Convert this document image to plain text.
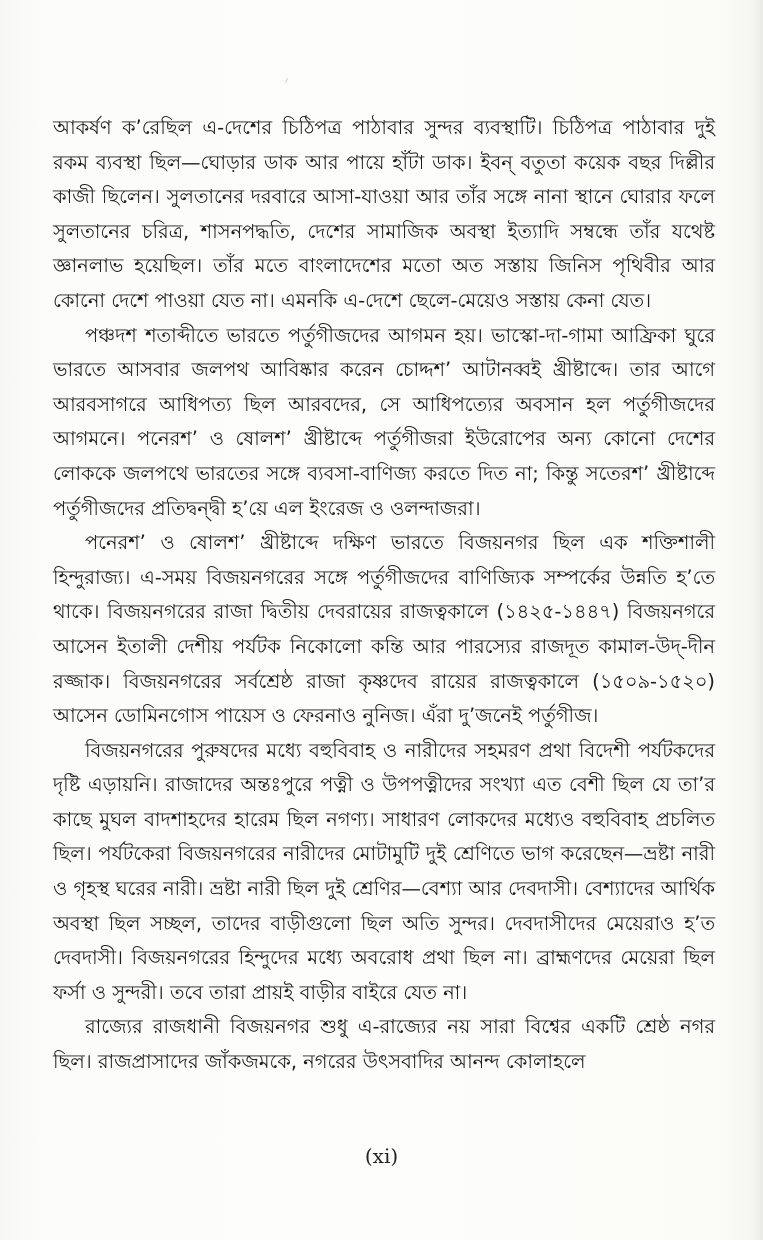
আকর্ষণ ক’রেছিল এ-দেশের চিঠিপত্র পাঠাবার সুন্দর ব্যবস্থাটি। চিঠিপত্র পাঠাবার দুই রকম ব্যবস্থা ছিল—ঘোড়ার ডাক আর পায়ে হাঁটা ডাক। ইবন্ বতুতা কয়েক বছর দিল্লীর কাজী ছিলেন। সুলতানের দরবারে আসা-যাওয়া আর তাঁর সঙ্গে নানা স্থানে ঘোরার ফলে সুলতানের চরিত্র, শাসনপদ্ধতি, দেশের সামাজিক অবস্থা ইত্যাদি সম্বন্ধে তাঁর যথেষ্ট জ্ঞানলাভ হয়েছিল। তাঁর মতে বাংলাদেশের মতো অত সস্তায় জিনিস পৃথিবীর আর কোনো দেশে পাওয়া যেত না। এমনকি এ-দেশে ছেলে-মেয়েও সস্তায় কেনা যেত।

পঞ্চদশ শতাব্দীতে ভারতে পর্তুগীজদের আগমন হয়। ভাস্কো-দা-গামা আফ্রিকা ঘুরে ভারতে আসবার জলপথ আবিষ্কার করেন চোদ্দশ’ আটানব্বই খ্রীষ্টাব্দে। তার আগে আরবসাগরে আধিপত্য ছিল আরবদের, সে আধিপত্যের অবসান হল পর্তুগীজদের আগমনে। পনেরশ’ ও ষোলশ’ খ্রীষ্টাব্দে পর্তুগীজরা ইউরোপের অন্য কোনো দেশের লোককে জলপথে ভারতের সঙ্গে ব্যবসা-বাণিজ্য করতে দিত না; কিন্তু সতেরশ’ খ্রীষ্টাব্দে পর্তুগীজদের প্রতিদ্বন্দ্বী হ’য়ে এল ইংরেজ ও ওলন্দাজরা।

পনেরশ’ ও ষোলশ’ খ্রীষ্টাব্দে দক্ষিণ ভারতে বিজয়নগর ছিল এক শক্তিশালী হিন্দুরাজ্য। এ-সময় বিজয়নগরের সঙ্গে পর্তুগীজদের বাণিজ্যিক সম্পর্কের উন্নতি হ’তে থাকে। বিজয়নগরের রাজা দ্বিতীয় দেবরায়ের রাজত্বকালে (১৪২৫-১৪৪৭) বিজয়নগরে আসেন ইতালী দেশীয় পর্যটক নিকোলো কন্তি আর পারস্যের রাজদূত কামাল-উদ্-দীন রজ্জাক। বিজয়নগরের সর্বশ্রেষ্ঠ রাজা কৃষ্ণদেব রায়ের রাজত্বকালে (১৫০৯-১৫২০) আসেন ডোমিনগোস পায়েস ও ফেরনাও নুনিজ। এঁরা দু’জনেই পর্তুগীজ।

বিজয়নগরের পুরুষদের মধ্যে বহুবিবাহ ও নারীদের সহমরণ প্রথা বিদেশী পর্যটকদের দৃষ্টি এড়ায়নি। রাজাদের অন্তঃপুরে পত্নী ও উপপত্নীদের সংখ্যা এত বেশী ছিল যে তা’র কাছে মুঘল বাদশাহদের হারেম ছিল নগণ্য। সাধারণ লোকদের মধ্যেও বহুবিবাহ প্রচলিত ছিল। পর্যটকেরা বিজয়নগরের নারীদের মোটামুটি দুই শ্রেণিতে ভাগ করেছেন—ভ্রষ্টা নারী ও গৃহস্থ ঘরের নারী। ভ্রষ্টা নারী ছিল দুই শ্রেণির—বেশ্যা আর দেবদাসী। বেশ্যাদের আর্থিক অবস্থা ছিল সচ্ছল, তাদের বাড়ীগুলো ছিল অতি সুন্দর। দেবদাসীদের মেয়েরাও হ’ত দেবদাসী। বিজয়নগরের হিন্দুদের মধ্যে অবরোধ প্রথা ছিল না। ব্রাহ্মণদের মেয়েরা ছিল ফর্সা ও সুন্দরী। তবে তারা প্রায়ই বাড়ীর বাইরে যেত না।

রাজ্যের রাজধানী বিজয়নগর শুধু এ-রাজ্যের নয় সারা বিশ্বের একটি শ্রেষ্ঠ নগর ছিল। রাজপ্রাসাদের জাঁকজমকে, নগরের উৎসবাদির আনন্দ কোলাহলে

(xi)
